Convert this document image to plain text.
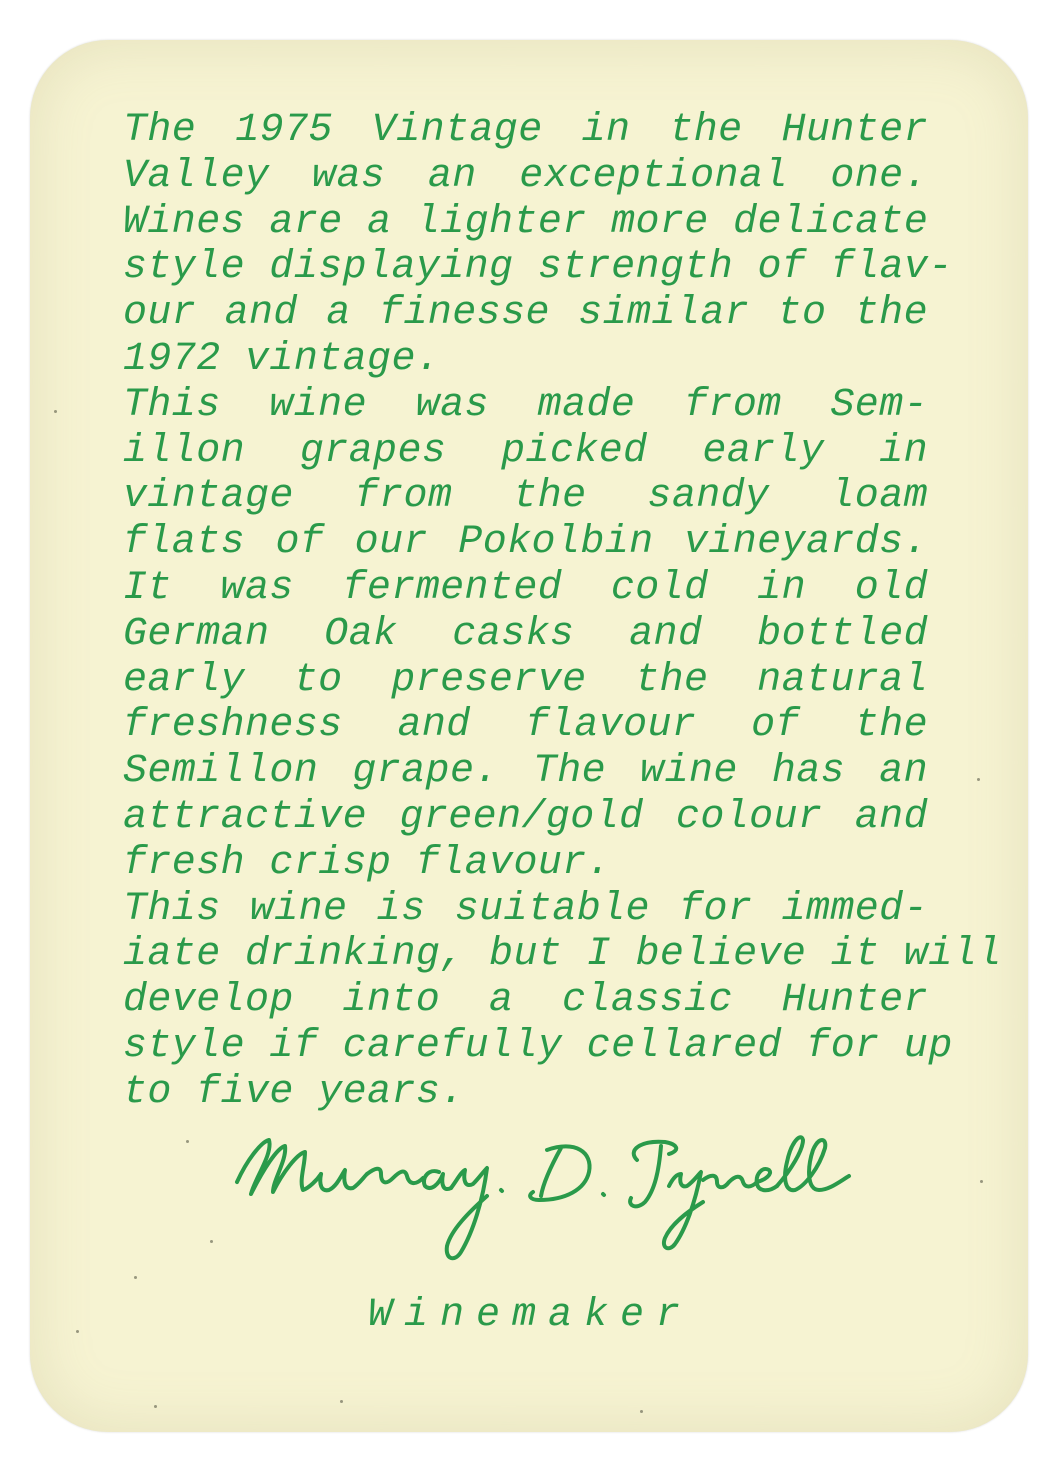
The 1975 Vintage in the Hunter
Valley was an exceptional one.
Wines are a lighter more delicate
style displaying strength of flav-
our and a finesse similar to the
1972 vintage.
This wine was made from Sem-
illon grapes picked early in
vintage from the sandy loam
flats of our Pokolbin vineyards.
It was fermented cold in old
German Oak casks and bottled
early to preserve the natural
freshness and flavour of the
Semillon grape. The wine has an
attractive green/gold colour and
fresh crisp flavour.
This wine is suitable for immed-
iate drinking, but I believe it will
develop into a classic Hunter
style if carefully cellared for up
to five years.
Winemaker
